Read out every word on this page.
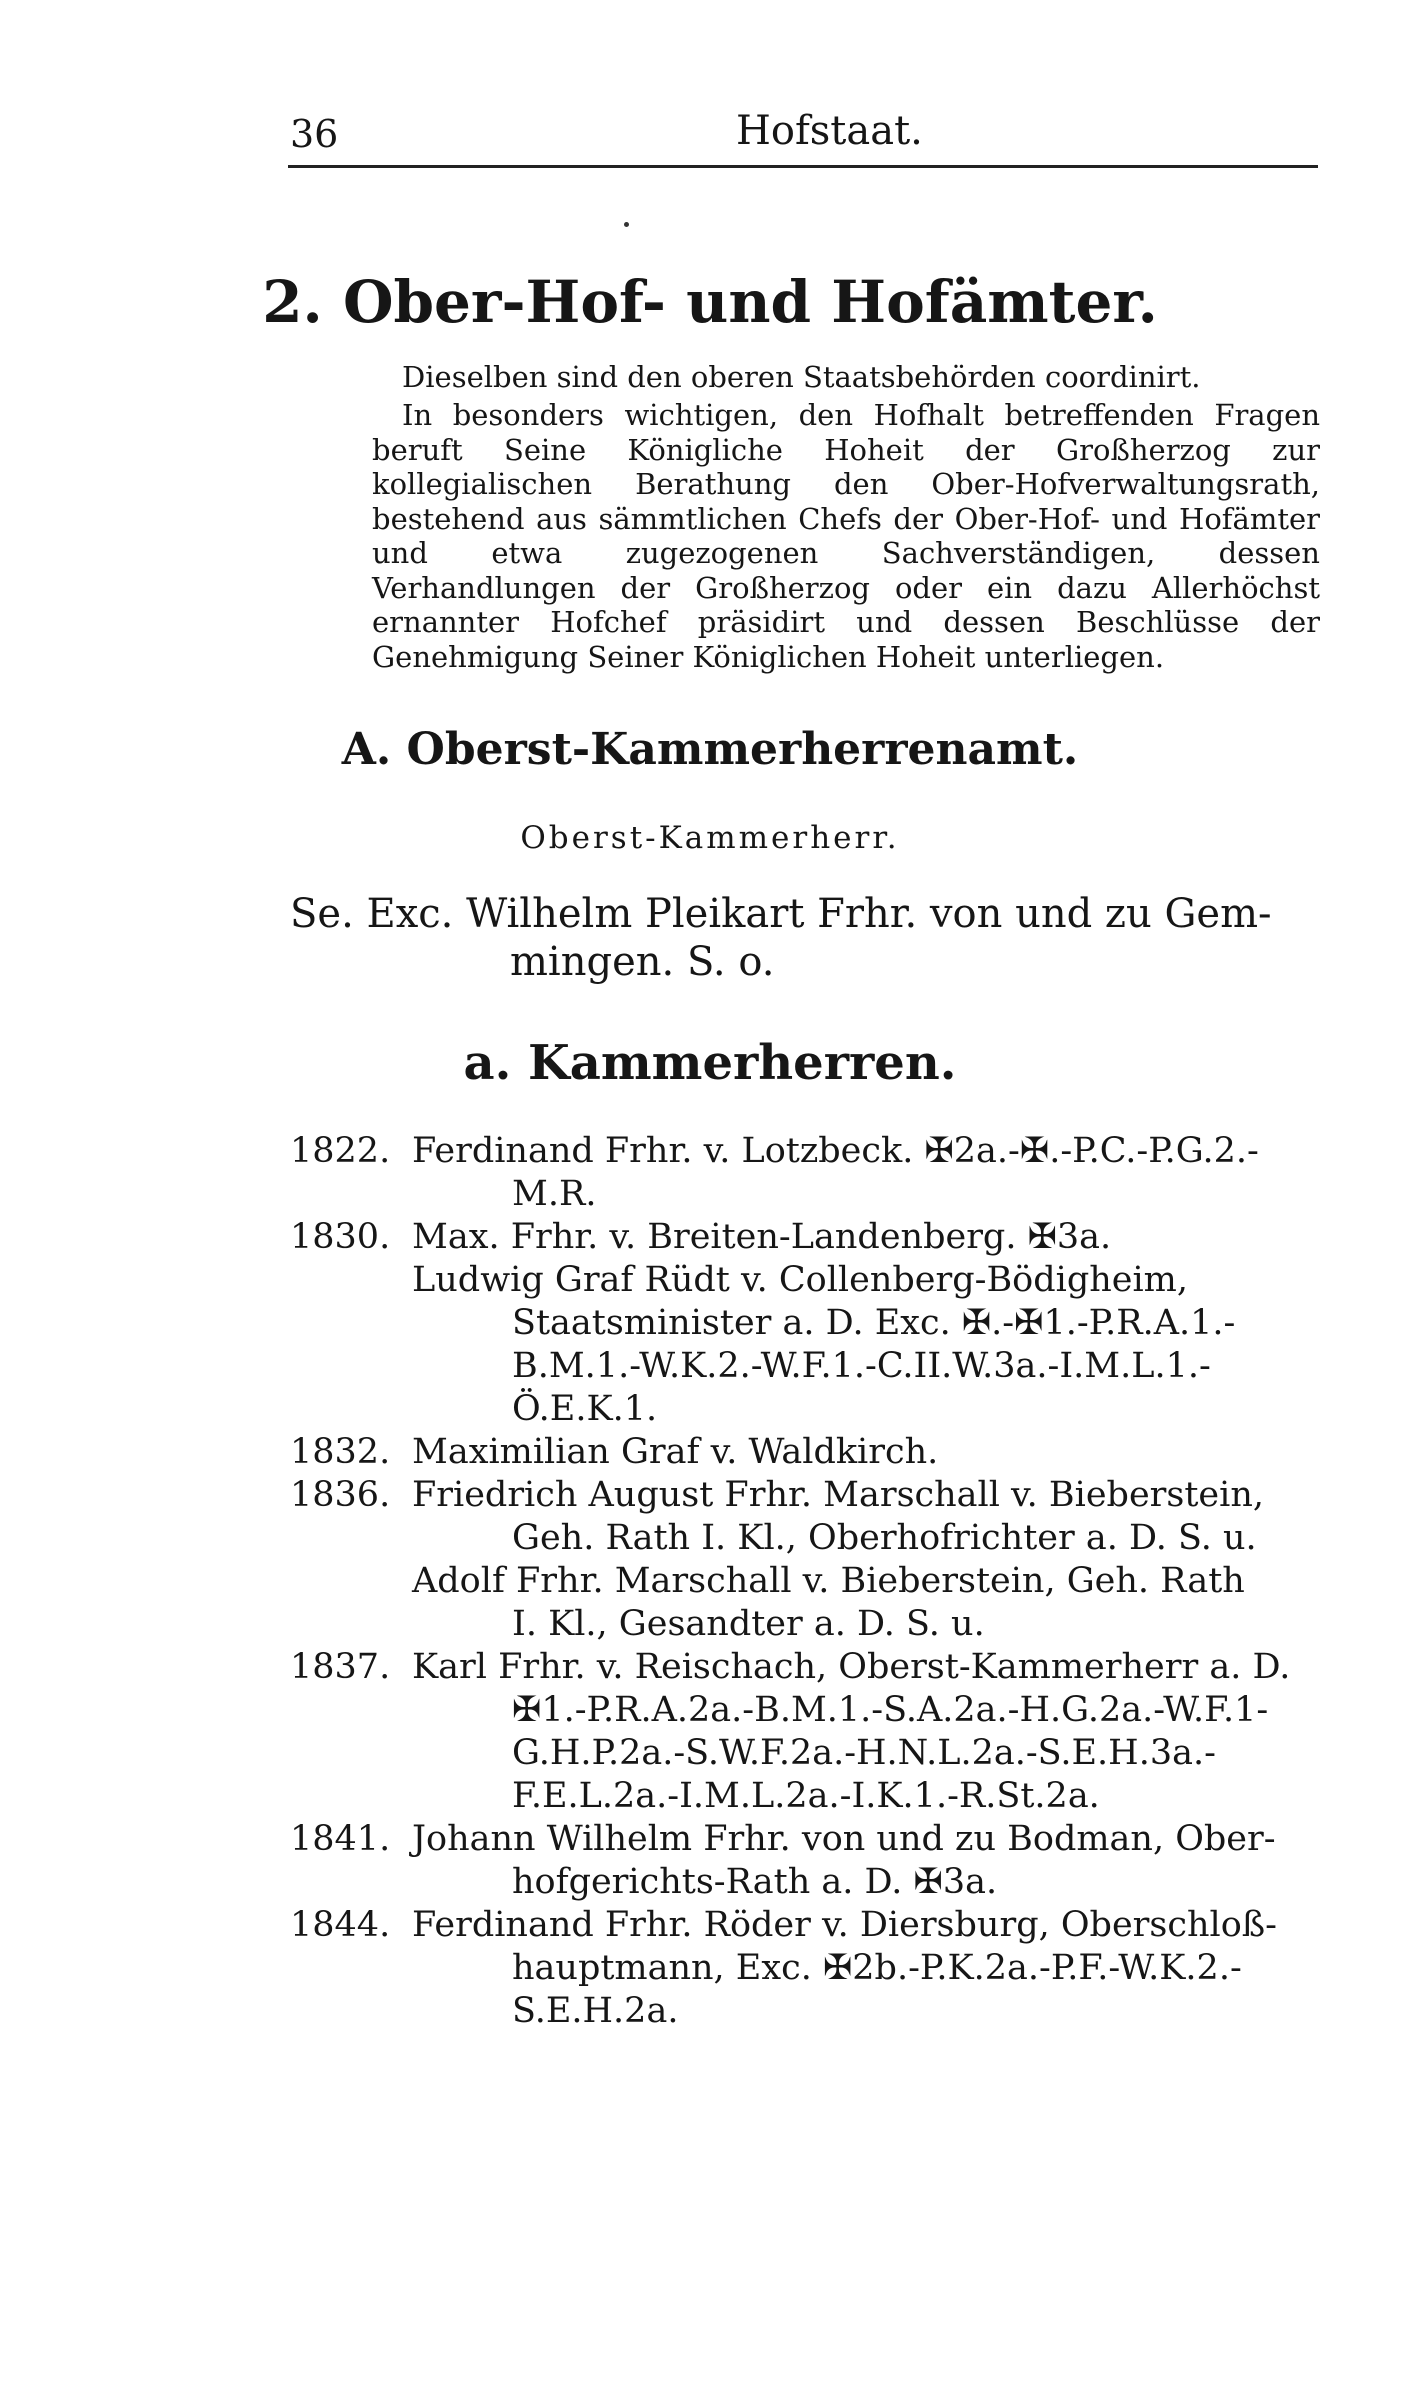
36	Hofstaat.
2. Ober-Hof- und Hofämter.
Dieselben sind den oberen Staatsbehörden coordinirt.
In besonders wichtigen, den Hofhalt betreffenden Fragen beruft Seine Königliche Hoheit der Großherzog zur kollegialischen Berathung den Ober-Hofverwaltungsrath, bestehend aus sämmtlichen Chefs der Ober-Hof- und Hofämter und etwa zugezogenen Sachverständigen, dessen Verhandlungen der Großherzog oder ein dazu Allerhöchst ernannter Hofchef präsidirt und dessen Beschlüsse der Genehmigung Seiner Königlichen Hoheit unterliegen.
A. Oberst-Kammerherrenamt.
Oberst-Kammerherr.
Se. Exc. Wilhelm Pleikart Frhr. von und zu Gem-
mingen. S. o.
a. Kammerherren.
1822. Ferdinand Frhr. v. Lotzbeck. ✠2a.-✠.-P.C.-P.G.2.-
M.R.
1830. Max. Frhr. v. Breiten-Landenberg. ✠3a.
Ludwig Graf Rüdt v. Collenberg-Bödigheim,
Staatsminister a. D. Exc. ✠.-✠1.-P.R.A.1.-
B.M.1.-W.K.2.-W.F.1.-C.II.W.3a.-I.M.L.1.-
Ö.E.K.1.
1832. Maximilian Graf v. Waldkirch.
1836. Friedrich August Frhr. Marschall v. Bieberstein,
Geh. Rath I. Kl., Oberhofrichter a. D. S. u.
Adolf Frhr. Marschall v. Bieberstein, Geh. Rath
I. Kl., Gesandter a. D. S. u.
1837. Karl Frhr. v. Reischach, Oberst-Kammerherr a. D.
✠1.-P.R.A.2a.-B.M.1.-S.A.2a.-H.G.2a.-W.F.1-
G.H.P.2a.-S.W.F.2a.-H.N.L.2a.-S.E.H.3a.-
F.E.L.2a.-I.M.L.2a.-I.K.1.-R.St.2a.
1841. Johann Wilhelm Frhr. von und zu Bodman, Ober-
hofgerichts-Rath a. D. ✠3a.
1844. Ferdinand Frhr. Röder v. Diersburg, Oberschloß-
hauptmann, Exc. ✠2b.-P.K.2a.-P.F.-W.K.2.-
S.E.H.2a.
